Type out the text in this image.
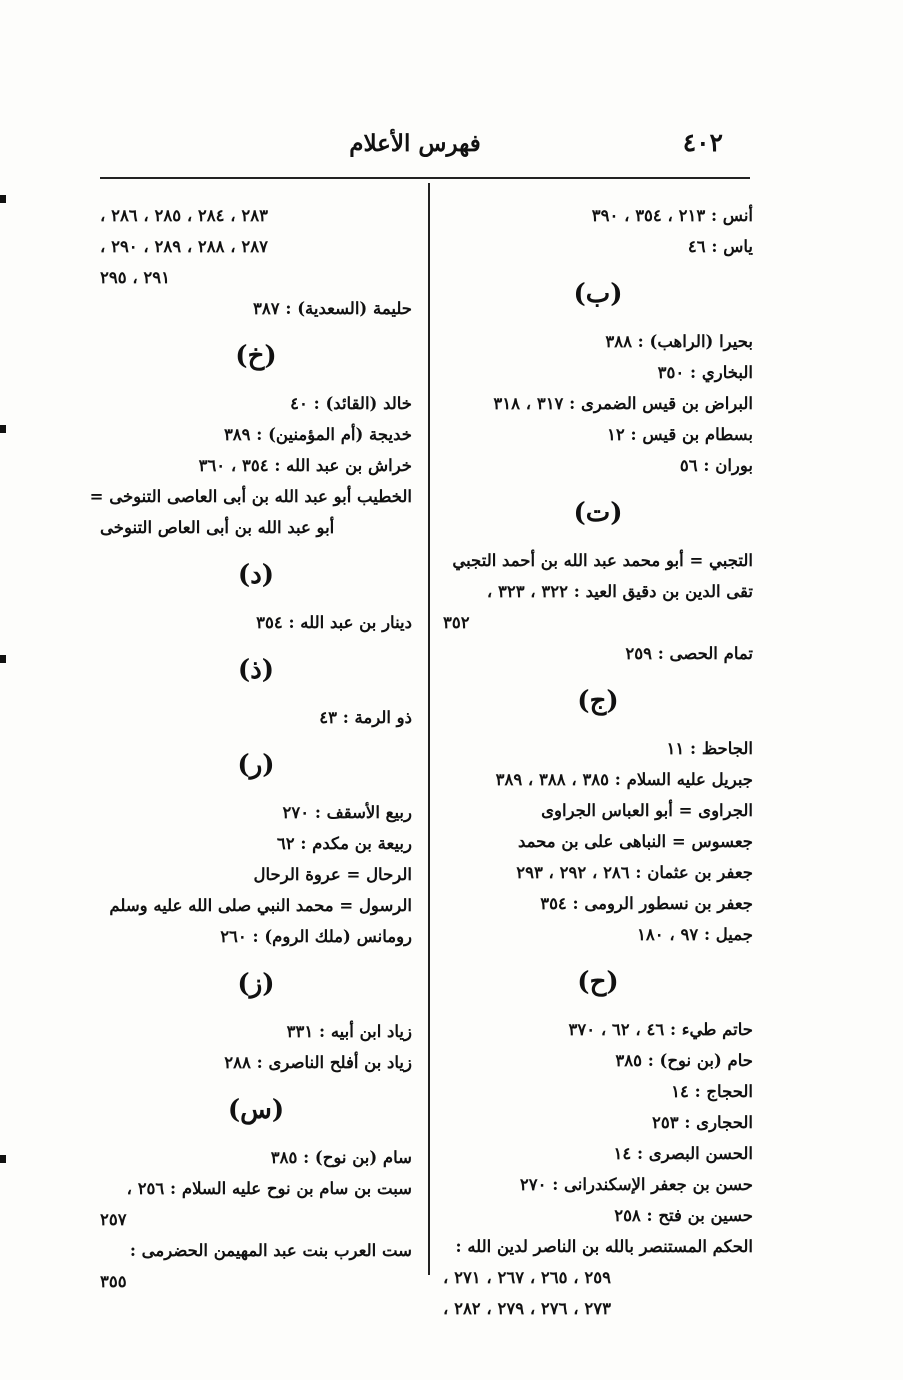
٤٠٢
فهرس الأعلام
أنس : ٢١٣ ، ٣٥٤ ، ٣٩٠
ياس : ٤٦
(ب)
بحيرا (الراهب) : ٣٨٨
البخاري : ٣٥٠
البراض بن قيس الضمرى : ٣١٧ ، ٣١٨
بسطام بن قيس : ١٢
بوران : ٥٦
(ت)
التجبي = أبو محمد عبد الله بن أحمد التجبي
تقى الدين بن دقيق العيد : ٣٢٢ ، ٣٢٣ ،
٣٥٢
تمام الحصى : ٢٥٩
(ج)
الجاحظ : ١١
جبريل عليه السلام : ٣٨٥ ، ٣٨٨ ، ٣٨٩
الجراوى = أبو العباس الجراوى
جعسوس = النباهى على بن محمد
جعفر بن عثمان : ٢٨٦ ، ٢٩٢ ، ٢٩٣
جعفر بن نسطور الرومى : ٣٥٤
جميل : ٩٧ ، ١٨٠
(ح)
حاتم طيء : ٤٦ ، ٦٢ ، ٣٧٠
حام (بن نوح) : ٣٨٥
الحجاج : ١٤
الحجارى : ٢٥٣
الحسن البصرى : ١٤
حسن بن جعفر الإسكندرانى : ٢٧٠
حسين بن فتح : ٢٥٨
الحكم المستنصر بالله بن الناصر لدين الله :
٢٥٩ ، ٢٦٥ ، ٢٦٧ ، ٢٧١ ،
٢٧٣ ، ٢٧٦ ، ٢٧٩ ، ٢٨٢ ،
٢٨٣ ، ٢٨٤ ، ٢٨٥ ، ٢٨٦ ،
٢٨٧ ، ٢٨٨ ، ٢٨٩ ، ٢٩٠ ،
٢٩١ ، ٢٩٥
حليمة (السعدية) : ٣٨٧
(خ)
خالد (القائد) : ٤٠
خديجة (أم المؤمنين) : ٣٨٩
خراش بن عبد الله : ٣٥٤ ، ٣٦٠
الخطيب أبو عبد الله بن أبى العاصى التنوخى =
أبو عبد الله بن أبى العاص التنوخى
(د)
دينار بن عبد الله : ٣٥٤
(ذ)
ذو الرمة : ٤٣
(ر)
ربيع الأسقف : ٢٧٠
ربيعة بن مكدم : ٦٢
الرحال = عروة الرحال
الرسول = محمد النبي صلى الله عليه وسلم
رومانس (ملك الروم) : ٢٦٠
(ز)
زياد ابن أبيه : ٣٣١
زياد بن أفلح الناصرى : ٢٨٨
(س)
سام (بن نوح) : ٣٨٥
سبت بن سام بن نوح عليه السلام : ٢٥٦ ،
٢٥٧
ست العرب بنت عبد المهيمن الحضرمى :
٣٥٥
